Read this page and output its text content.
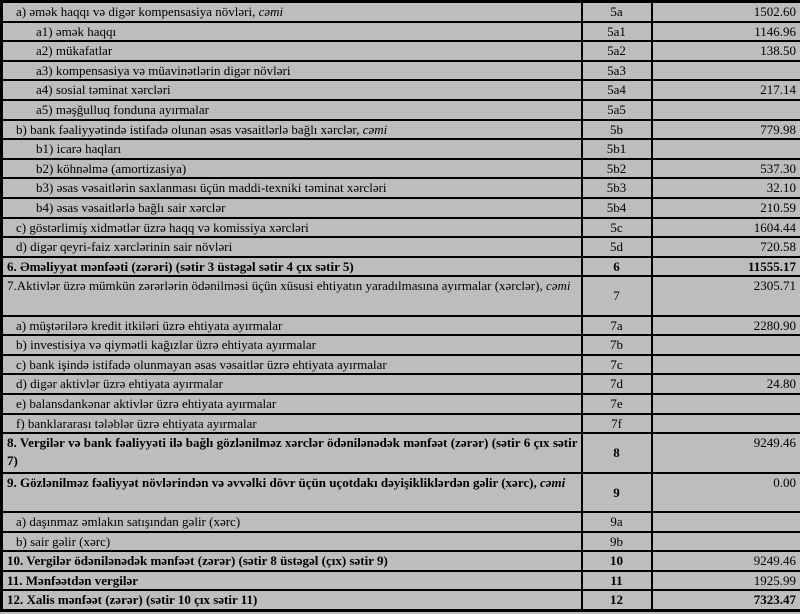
a) əmək haqqı və digər kompensasiya növləri, cəmi	5a	1502.60
a1) əmək haqqı	5a1	1146.96
a2) mükafatlar	5a2	138.50
a3) kompensasiya və müavinətlərin digər növləri	5a3	
a4) sosial təminat xərcləri	5a4	217.14
a5) məşğulluq fonduna ayırmalar	5a5	
b) bank fəaliyyətində istifadə olunan əsas vəsaitlərlə bağlı xərclər, cəmi	5b	779.98
b1) icarə haqları	5b1	
b2) köhnəlmə (amortizasiya)	5b2	537.30
b3) əsas vəsaitlərin saxlanması üçün maddi-texniki təminat xərcləri	5b3	32.10
b4) əsas vəsaitlərlə bağlı sair xərclər	5b4	210.59
c) göstərlimiş xidmətlər üzrə haqq və komissiya xərcləri	5c	1604.44
d) digər qeyri-faiz xərclərinin sair növləri	5d	720.58
6. Əməliyyat mənfəəti (zərəri) (sətir 3 üstəgəl sətir 4 çıx sətir 5)	6	11555.17
7.Aktivlər üzrə mümkün zərərlərin ödənilməsi üçün xüsusi ehtiyatın yaradılmasına ayırmalar (xərclər), cəmi	7	2305.71
a) müştərilərə kredit itkiləri üzrə ehtiyata ayırmalar	7a	2280.90
b) investisiya və qiymətli kağızlar üzrə ehtiyata ayırmalar	7b	
c) bank işində istifadə olunmayan əsas vəsaitlər üzrə ehtiyata ayırmalar	7c	
d) digər aktivlər üzrə ehtiyata ayırmalar	7d	24.80
e) balansdankənar aktivlər üzrə ehtiyata ayırmalar	7e	
f) banklararası tələblər üzrə ehtiyata ayırmalar	7f	
8. Vergilər və bank fəaliyyəti ilə bağlı gözlənilməz xərclər ödənilənədək mənfəət (zərər) (sətir 6 çıx sətir 7)	8	9249.46
9. Gözlənilməz fəaliyyət növlərindən və əvvəlki dövr üçün uçotdakı dəyişikliklərdən gəlir (xərc), cəmi	9	0.00
a) daşınmaz əmlakın satışından gəlir (xərc)	9a	
b) sair gəlir (xərc)	9b	
10. Vergilər ödənilənədək mənfəət (zərər) (sətir 8 üstəgəl (çıx) sətir 9)	10	9249.46
11. Mənfəətdən vergilər	11	1925.99
12. Xalis mənfəət (zərər) (sətir 10 çıx sətir 11)	12	7323.47
